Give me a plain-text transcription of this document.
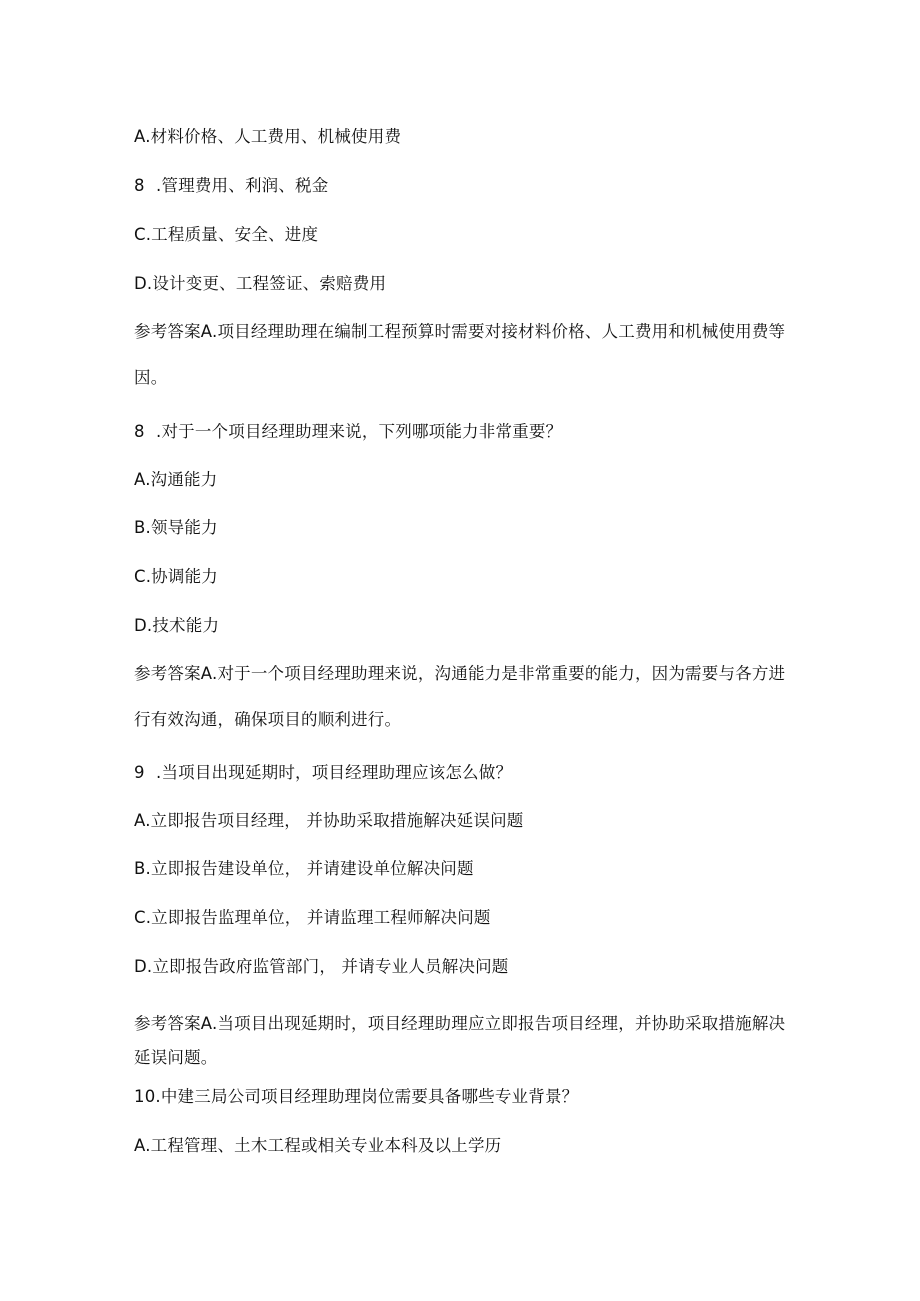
A.材料价格、人工费用、机械使用费
8 .管理费用、利润、税金
C.工程质量、安全、进度
D.设计变更、工程签证、索赔费用
参考答案A.项目经理助理在编制工程预算时需要对接材料价格、人工费用和机械使用费等因。
8 .对于一个项目经理助理来说，下列哪项能力非常重要？
A.沟通能力
B.领导能力
C.协调能力
D.技术能力
参考答案A.对于一个项目经理助理来说，沟通能力是非常重要的能力，因为需要与各方进行有效沟通，确保项目的顺利进行。
9 .当项目出现延期时，项目经理助理应该怎么做？
A.立即报告项目经理， 并协助采取措施解决延误问题
B.立即报告建设单位， 并请建设单位解决问题
C.立即报告监理单位， 并请监理工程师解决问题
D.立即报告政府监管部门， 并请专业人员解决问题
参考答案A.当项目出现延期时，项目经理助理应立即报告项目经理，并协助采取措施解决延误问题。
10.中建三局公司项目经理助理岗位需要具备哪些专业背景？
A.工程管理、土木工程或相关专业本科及以上学历
